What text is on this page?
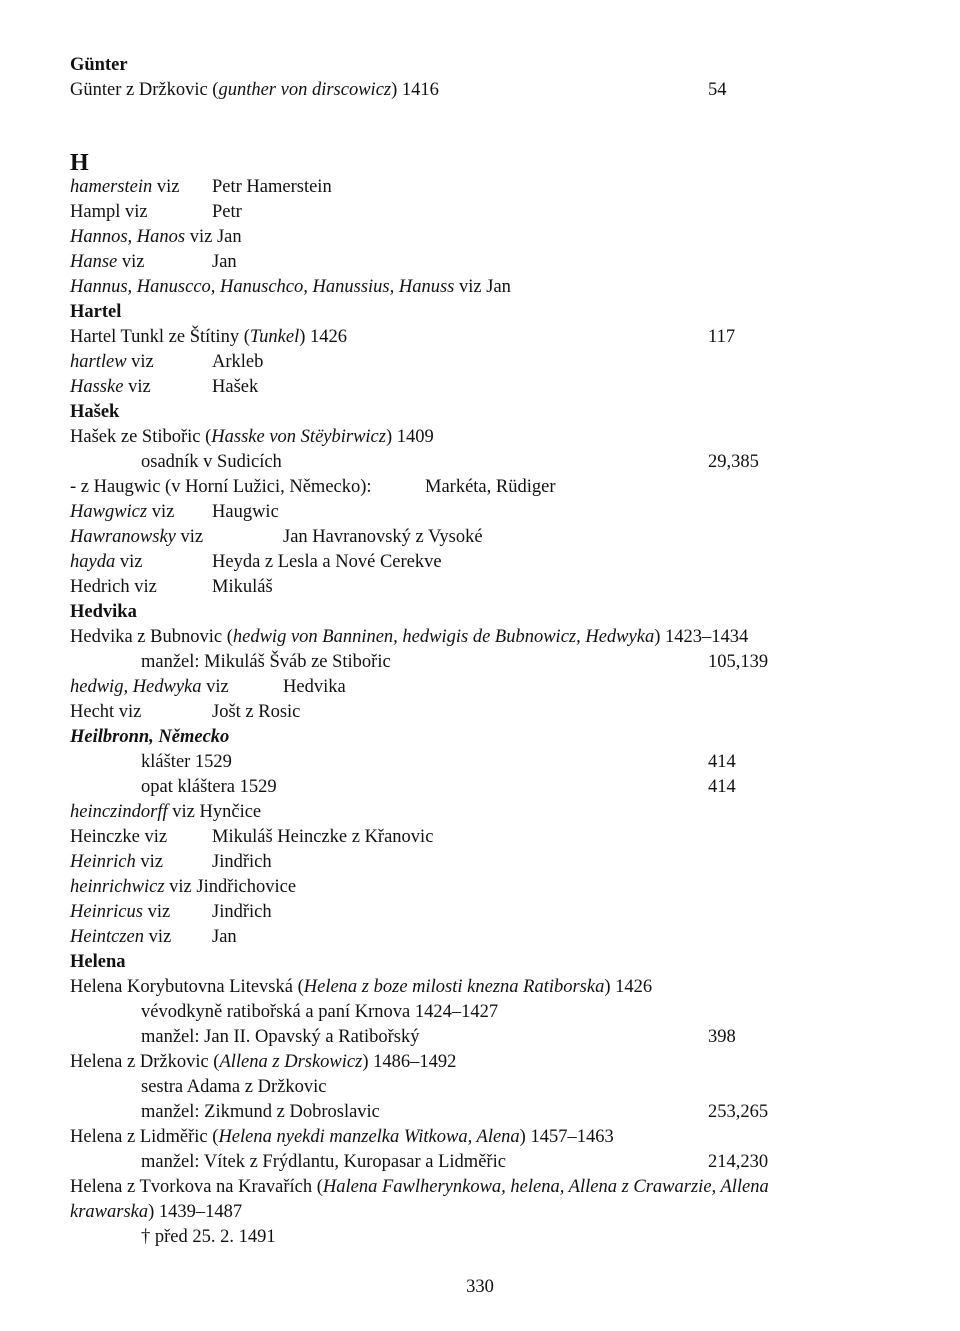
Günter
Günter z Držkovic (gunther von dirscowicz) 1416	54
H
hamerstein viz Petr Hamerstein
Hampl viz	Petr
Hannos, Hanos viz Jan
Hanse viz	Jan
Hannus, Hanuscco, Hanuschco, Hanussius, Hanuss viz Jan
Hartel
Hartel Tunkl ze Štítiny (Tunkel) 1426	117
hartlew viz	Arkleb
Hasske viz	Hašek
Hašek
Hašek ze Stibořic (Hasske von Stëybirwicz) 1409
osadník v Sudicích	29,385
- z Haugwic (v Horní Lužici, Německo):	Markéta, Rüdiger
Hawgwicz viz Haugwic
Hawranowsky viz	Jan Havranovský z Vysoké
hayda viz	Heyda z Lesla a Nové Cerekve
Hedrich viz	Mikuláš
Hedvika
Hedvika z Bubnovic (hedwig von Banninen, hedwigis de Bubnowicz, Hedwyka) 1423–1434
manžel: Mikuláš Šváb ze Stibořic	105,139
hedwig, Hedwyka viz	Hedvika
Hecht viz	Jošt z Rosic
Heilbronn, Německo
klášter 1529	414
opat kláštera 1529	414
heinczindorff viz Hynčice
Heinczke viz Mikuláš Heinczke z Křanovic
Heinrich viz	Jindřich
heinrichwicz viz Jindřichovice
Heinricus viz Jindřich
Heintczen viz Jan
Helena
Helena Korybutovna Litevská (Helena z boze milosti knezna Ratiborska) 1426
vévodkyně ratibořská a paní Krnova 1424–1427
manžel: Jan II. Opavský a Ratibořský	398
Helena z Držkovic (Allena z Drskowicz) 1486–1492
sestra Adama z Držkovic
manžel: Zikmund z Dobroslavic	253,265
Helena z Lidměřic (Helena nyekdi manzelka Witkowa, Alena) 1457–1463
manžel: Vítek z Frýdlantu, Kuropasar a Lidměřic	214,230
Helena z Tvorkova na Kravařích (Halena Fawlherynkowa, helena, Allena z Crawarzie, Allena
krawarska) 1439–1487
† před 25. 2. 1491
330
